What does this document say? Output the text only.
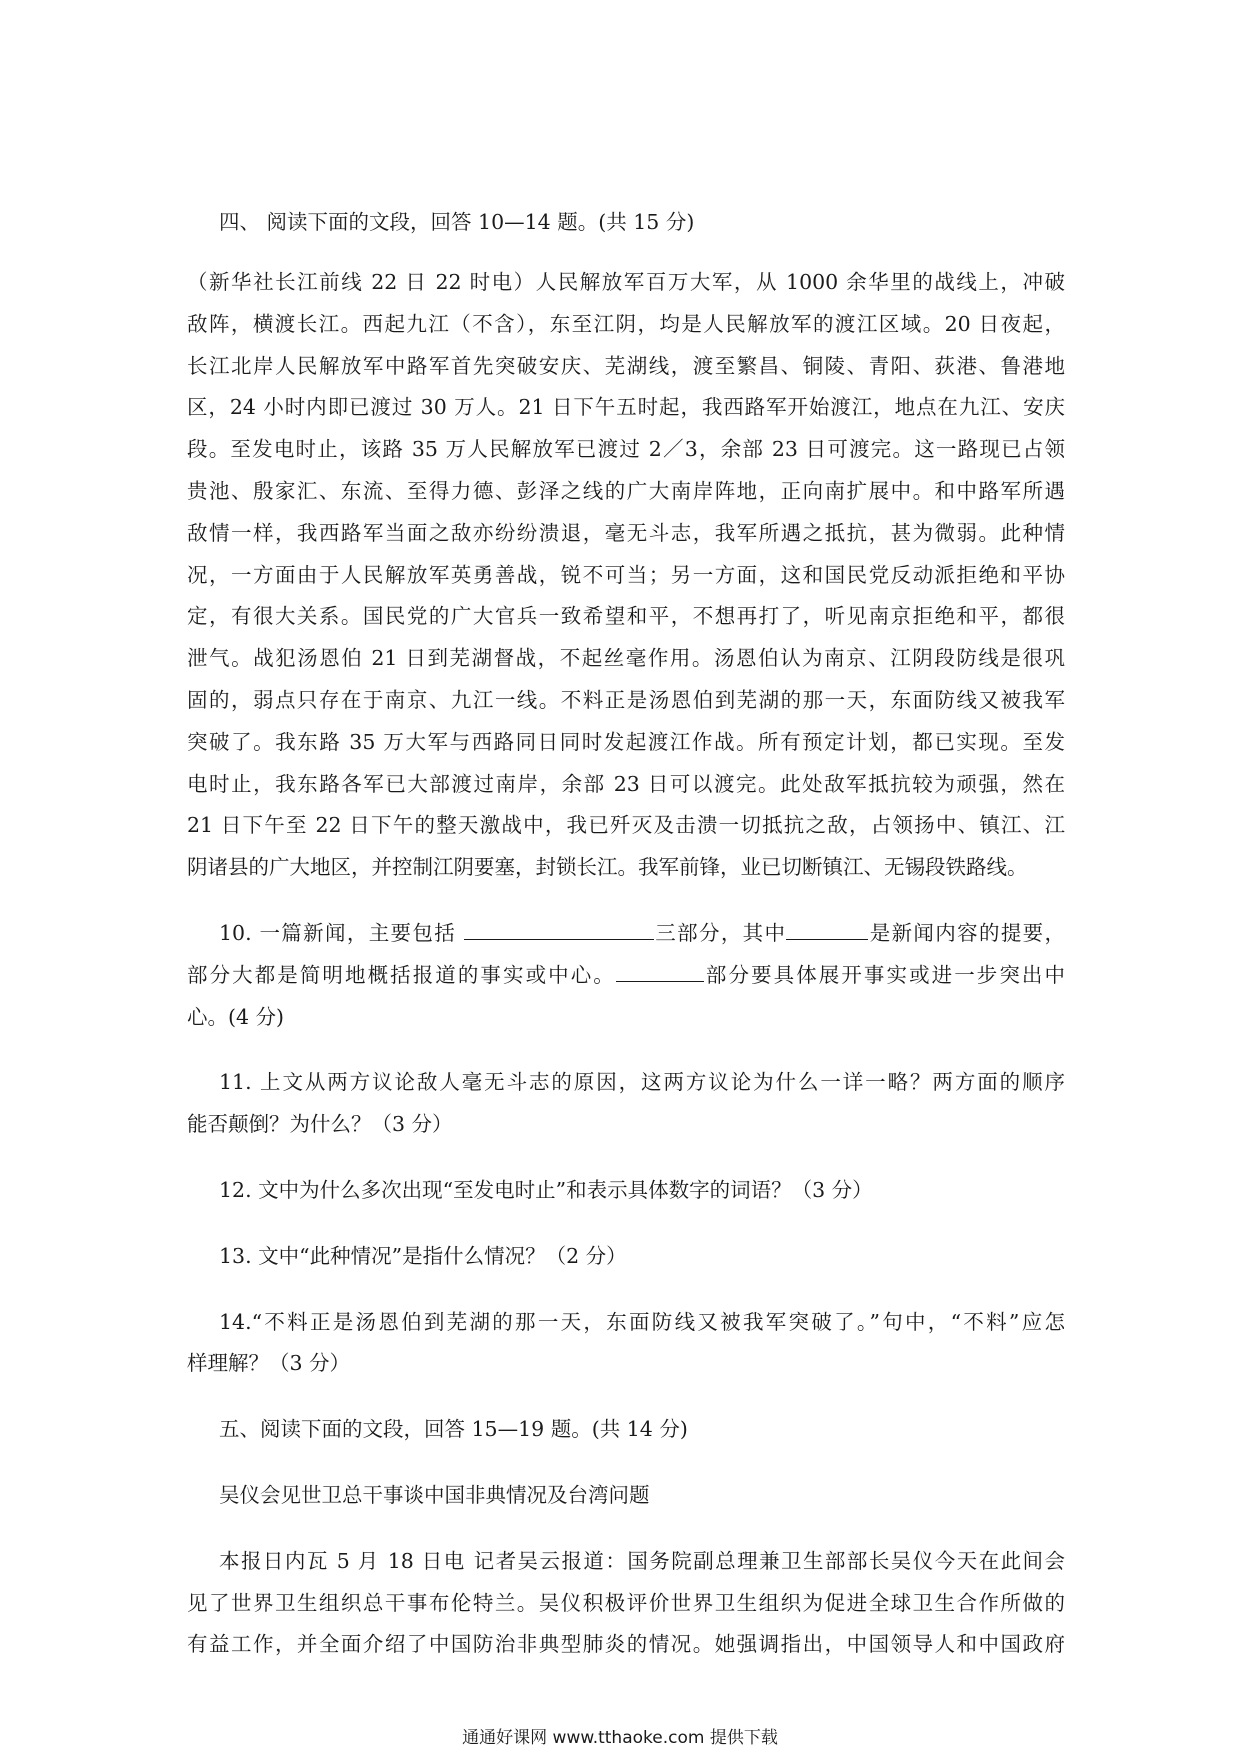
四、 阅读下面的文段，回答 10—14 题。(共 15 分)
（新华社长江前线 22 日 22 时电）人民解放军百万大军，从 1000 余华里的战线上，冲破
敌阵，横渡长江。西起九江（不含），东至江阴，均是人民解放军的渡江区域。20 日夜起，
长江北岸人民解放军中路军首先突破安庆、芜湖线，渡至繁昌、铜陵、青阳、荻港、鲁港地
区，24 小时内即已渡过 30 万人。21 日下午五时起，我西路军开始渡江，地点在九江、安庆
段。至发电时止，该路 35 万人民解放军已渡过 2／3，余部 23 日可渡完。这一路现已占领
贵池、殷家汇、东流、至得力德、彭泽之线的广大南岸阵地，正向南扩展中。和中路军所遇
敌情一样，我西路军当面之敌亦纷纷溃退，毫无斗志，我军所遇之抵抗，甚为微弱。此种情
况，一方面由于人民解放军英勇善战，锐不可当；另一方面，这和国民党反动派拒绝和平协
定，有很大关系。国民党的广大官兵一致希望和平，不想再打了，听见南京拒绝和平，都很
泄气。战犯汤恩伯 21 日到芜湖督战，不起丝毫作用。汤恩伯认为南京、江阴段防线是很巩
固的，弱点只存在于南京、九江一线。不料正是汤恩伯到芜湖的那一天，东面防线又被我军
突破了。我东路 35 万大军与西路同日同时发起渡江作战。所有预定计划，都已实现。至发
电时止，我东路各军已大部渡过南岸，余部 23 日可以渡完。此处敌军抵抗较为顽强，然在
21 日下午至 22 日下午的整天激战中，我已歼灭及击溃一切抵抗之敌，占领扬中、镇江、江
阴诸县的广大地区，并控制江阴要塞，封锁长江。我军前锋，业已切断镇江、无锡段铁路线。
10. 一篇新闻，主要包括	三部分，其中	是新闻内容的提要，
部分大都是简明地概括报道的事实或中心。	部分要具体展开事实或进一步突出中
心。(4 分)
11. 上文从两方议论敌人毫无斗志的原因，这两方议论为什么一详一略？两方面的顺序
能否颠倒？为什么？（3 分）
12. 文中为什么多次出现“至发电时止”和表示具体数字的词语？（3 分）
13. 文中“此种情况”是指什么情况？（2 分）
14.“不料正是汤恩伯到芜湖的那一天，东面防线又被我军突破了。”句中，“不料”应怎
样理解？（3 分）
五、阅读下面的文段，回答 15—19 题。(共 14 分)
吴仪会见世卫总干事谈中国非典情况及台湾问题
本报日内瓦 5 月 18 日电 记者吴云报道：国务院副总理兼卫生部部长吴仪今天在此间会
见了世界卫生组织总干事布伦特兰。吴仪积极评价世界卫生组织为促进全球卫生合作所做的
有益工作，并全面介绍了中国防治非典型肺炎的情况。她强调指出，中国领导人和中国政府
通通好课网 www.tthaoke.com 提供下载
